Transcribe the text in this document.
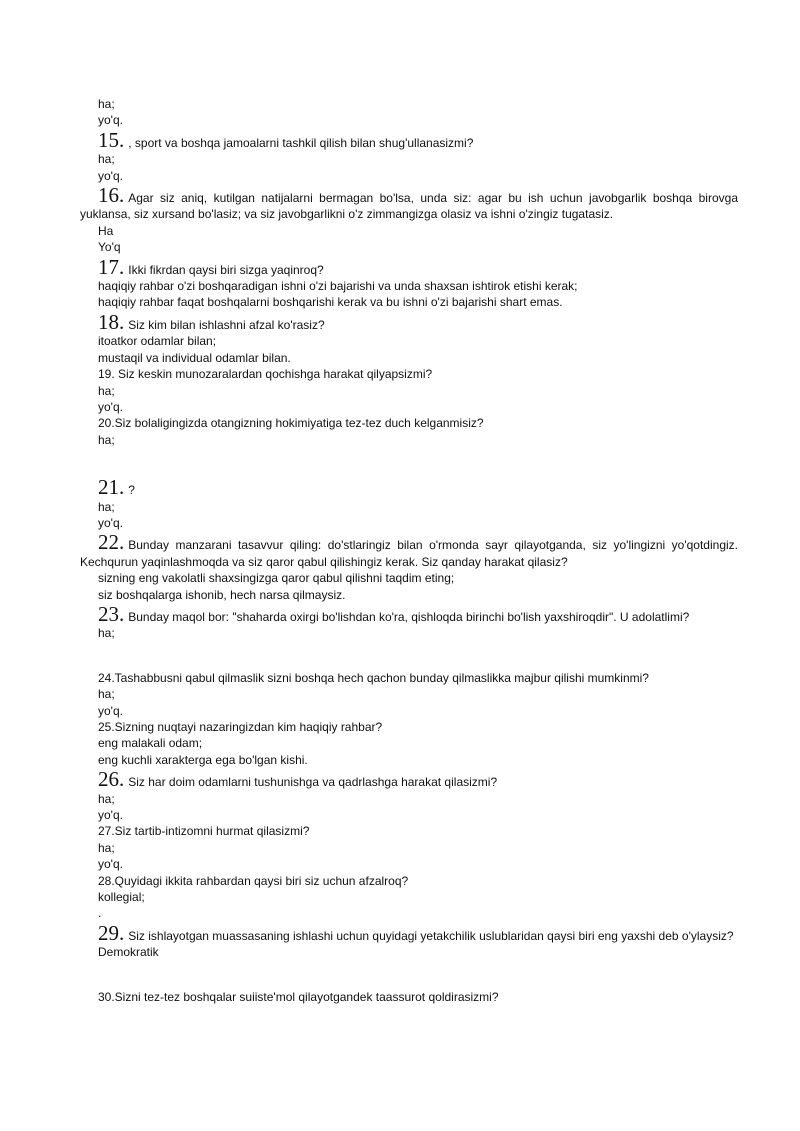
ha;
yo'q.
15. , sport va boshqa jamoalarni tashkil qilish bilan shug'ullanasizmi?
ha;
yo'q.
16. Agar siz aniq, kutilgan natijalarni bermagan bo'lsa, unda siz: agar bu ish uchun javobgarlik boshqa birovga yuklansa, siz xursand bo'lasiz; va siz javobgarlikni o'z zimmangizga olasiz va ishni o'zingiz tugatasiz.
Ha
Yo'q
17. Ikki fikrdan qaysi biri sizga yaqinroq?
haqiqiy rahbar o'zi boshqaradigan ishni o'zi bajarishi va unda shaxsan ishtirok etishi kerak;
haqiqiy rahbar faqat boshqalarni boshqarishi kerak va bu ishni o'zi bajarishi shart emas.
18. Siz kim bilan ishlashni afzal ko'rasiz?
itoatkor odamlar bilan;
mustaqil va individual odamlar bilan.
19. Siz keskin munozaralardan qochishga harakat qilyapsizmi?
ha;
yo'q.
20.Siz bolaligingizda otangizning hokimiyatiga tez-tez duch kelganmisiz?
ha;
21. ?
ha;
yo'q.
22. Bunday manzarani tasavvur qiling: do'stlaringiz bilan o'rmonda sayr qilayotganda, siz yo'lingizni yo'qotdingiz. Kechqurun yaqinlashmoqda va siz qaror qabul qilishingiz kerak. Siz qanday harakat qilasiz?
sizning eng vakolatli shaxsingizga qaror qabul qilishni taqdim eting;
siz boshqalarga ishonib, hech narsa qilmaysiz.
23. Bunday maqol bor: "shaharda oxirgi bo'lishdan ko'ra, qishloqda birinchi bo'lish yaxshiroqdir". U adolatlimi?
ha;
24.Tashabbusni qabul qilmaslik sizni boshqa hech qachon bunday qilmaslikka majbur qilishi mumkinmi?
ha;
yo'q.
25.Sizning nuqtayi nazaringizdan kim haqiqiy rahbar?
eng malakali odam;
eng kuchli xarakterga ega bo'lgan kishi.
26. Siz har doim odamlarni tushunishga va qadrlashga harakat qilasizmi?
ha;
yo'q.
27.Siz tartib-intizomni hurmat qilasizmi?
ha;
yo'q.
28.Quyidagi ikkita rahbardan qaysi biri siz uchun afzalroq?
kollegial;
.
29. Siz ishlayotgan muassasaning ishlashi uchun quyidagi yetakchilik uslublaridan qaysi biri eng yaxshi deb o'ylaysiz?
Demokratik
30.Sizni tez-tez boshqalar suiiste'mol qilayotgandek taassurot qoldirasizmi?
